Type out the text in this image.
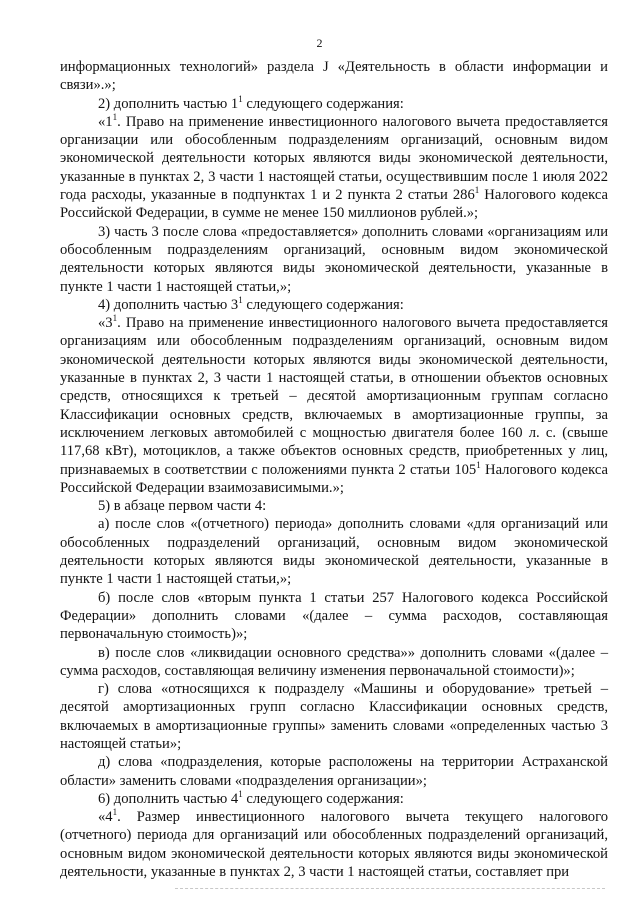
2

информационных технологий» раздела J «Деятельность в области информации и связи».»;

2) дополнить частью $1^1$ следующего содержания:

«$1^1$. Право на применение инвестиционного налогового вычета предоставляется организации или обособленным подразделениям организаций, основным видом экономической деятельности которых являются виды экономической деятельности, указанные в пунктах 2, 3 части 1 настоящей статьи, осуществившим после 1 июля 2022 года расходы, указанные в подпунктах 1 и 2 пункта 2 статьи $286^1$ Налогового кодекса Российской Федерации, в сумме не менее 150 миллионов рублей.»;

3) часть 3 после слова «предоставляется» дополнить словами «организациям или обособленным подразделениям организаций, основным видом экономической деятельности которых являются виды экономической деятельности, указанные в пункте 1 части 1 настоящей статьи,»;

4) дополнить частью $3^1$ следующего содержания:

«$3^1$. Право на применение инвестиционного налогового вычета предоставляется организациям или обособленным подразделениям организаций, основным видом экономической деятельности которых являются виды экономической деятельности, указанные в пунктах 2, 3 части 1 настоящей статьи, в отношении объектов основных средств, относящихся к третьей – десятой амортизационным группам согласно Классификации основных средств, включаемых в амортизационные группы, за исключением легковых автомобилей с мощностью двигателя более 160 л. с. (свыше 117,68 кВт), мотоциклов, а также объектов основных средств, приобретенных у лиц, признаваемых в соответствии с положениями пункта 2 статьи $105^1$ Налогового кодекса Российской Федерации взаимозависимыми.»;

5) в абзаце первом части 4:

а) после слов «(отчетного) периода» дополнить словами «для организаций или обособленных подразделений организаций, основным видом экономической деятельности которых являются виды экономической деятельности, указанные в пункте 1 части 1 настоящей статьи,»;

б) после слов «вторым пункта 1 статьи 257 Налогового кодекса Российской Федерации» дополнить словами «(далее – сумма расходов, составляющая первоначальную стоимость)»;

в) после слов «ликвидации основного средства»» дополнить словами «(далее – сумма расходов, составляющая величину изменения первоначальной стоимости)»;

г) слова «относящихся к подразделу «Машины и оборудование» третьей – десятой амортизационных групп согласно Классификации основных средств, включаемых в амортизационные группы» заменить словами «определенных частью 3 настоящей статьи»;

д) слова «подразделения, которые расположены на территории Астраханской области» заменить словами «подразделения организации»;

6) дополнить частью $4^1$ следующего содержания:

«$4^1$. Размер инвестиционного налогового вычета текущего налогового (отчетного) периода для организаций или обособленных подразделений организаций, основным видом экономической деятельности которых являются виды экономической деятельности, указанные в пунктах 2, 3 части 1 настоящей статьи, составляет при
